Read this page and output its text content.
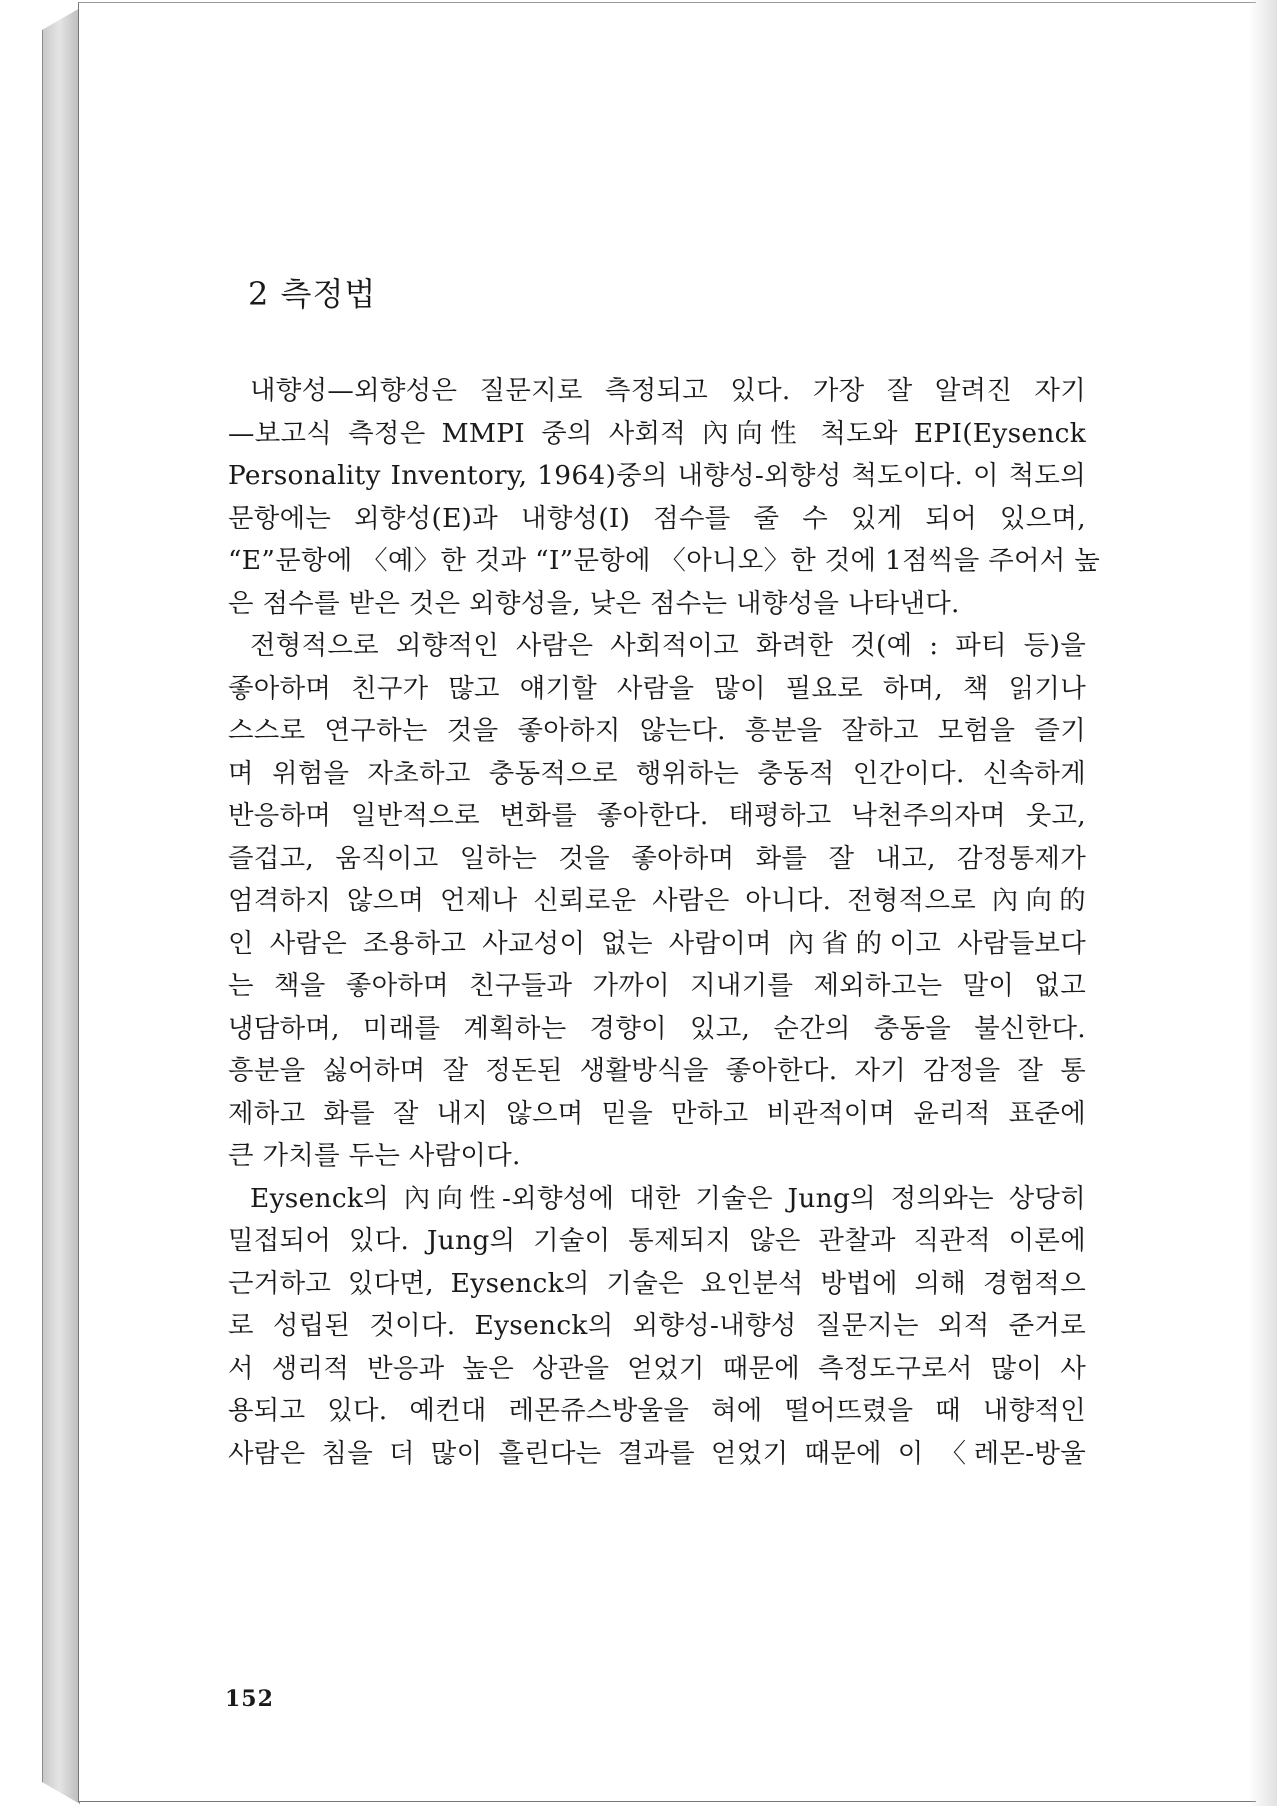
2 측정법

내향성—외향성은 질문지로 측정되고 있다. 가장 잘 알려진 자기
—보고식 측정은 MMPI 중의 사회적 內向性 척도와 EPI(Eysenck
Personality Inventory, 1964)중의 내향성-외향성 척도이다. 이 척도의
문항에는 외향성(E)과 내향성(I) 점수를 줄 수 있게 되어 있으며,
“E”문항에 〈예〉한 것과 “I”문항에 〈아니오〉한 것에 1점씩을 주어서 높
은 점수를 받은 것은 외향성을, 낮은 점수는 내향성을 나타낸다.

전형적으로 외향적인 사람은 사회적이고 화려한 것(예 : 파티 등)을
좋아하며 친구가 많고 얘기할 사람을 많이 필요로 하며, 책 읽기나
스스로 연구하는 것을 좋아하지 않는다. 흥분을 잘하고 모험을 즐기
며 위험을 자초하고 충동적으로 행위하는 충동적 인간이다. 신속하게
반응하며 일반적으로 변화를 좋아한다. 태평하고 낙천주의자며 웃고,
즐겁고, 움직이고 일하는 것을 좋아하며 화를 잘 내고, 감정통제가
엄격하지 않으며 언제나 신뢰로운 사람은 아니다. 전형적으로 內向的
인 사람은 조용하고 사교성이 없는 사람이며 內省的이고 사람들보다
는 책을 좋아하며 친구들과 가까이 지내기를 제외하고는 말이 없고
냉담하며, 미래를 계획하는 경향이 있고, 순간의 충동을 불신한다.
흥분을 싫어하며 잘 정돈된 생활방식을 좋아한다. 자기 감정을 잘 통
제하고 화를 잘 내지 않으며 믿을 만하고 비관적이며 윤리적 표준에
큰 가치를 두는 사람이다.

Eysenck의 內向性-외향성에 대한 기술은 Jung의 정의와는 상당히
밀접되어 있다. Jung의 기술이 통제되지 않은 관찰과 직관적 이론에
근거하고 있다면, Eysenck의 기술은 요인분석 방법에 의해 경험적으
로 성립된 것이다. Eysenck의 외향성-내향성 질문지는 외적 준거로
서 생리적 반응과 높은 상관을 얻었기 때문에 측정도구로서 많이 사
용되고 있다. 예컨대 레몬쥬스방울을 혀에 떨어뜨렸을 때 내향적인
사람은 침을 더 많이 흘린다는 결과를 얻었기 때문에 이 〈레몬-방울

152
